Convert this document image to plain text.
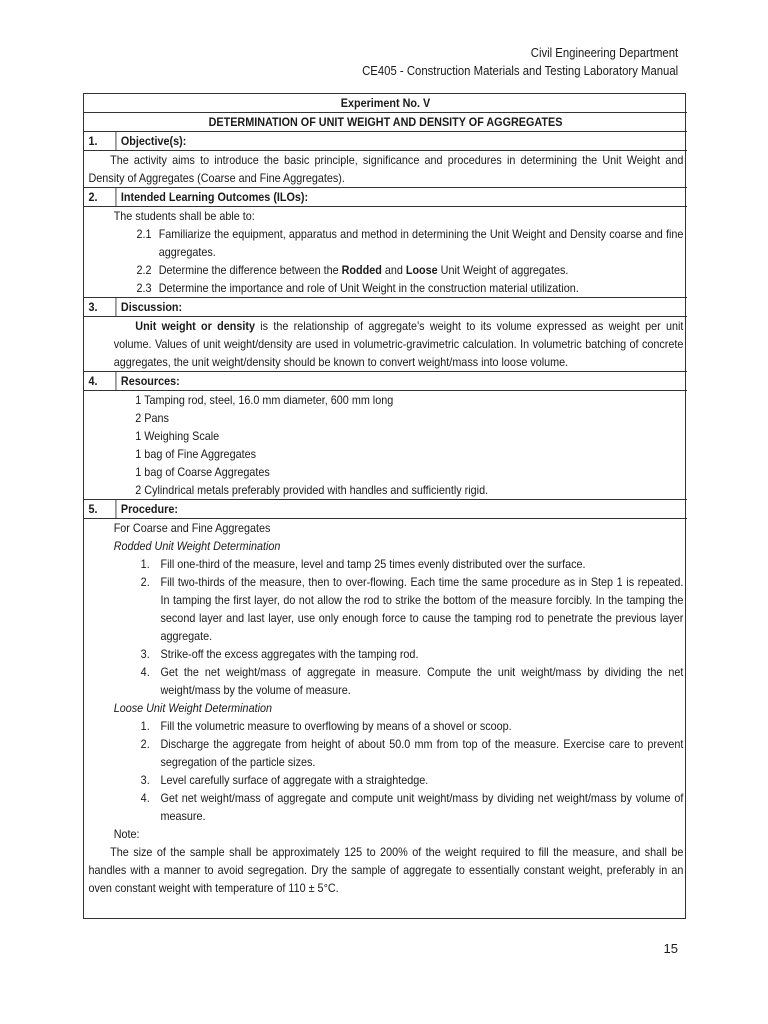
Civil Engineering Department
CE405 - Construction Materials and Testing Laboratory Manual
Experiment No. V
DETERMINATION OF UNIT WEIGHT AND DENSITY OF AGGREGATES
1.	Objective(s):
The activity aims to introduce the basic principle, significance and procedures in determining the Unit Weight and Density of Aggregates (Coarse and Fine Aggregates).
2.	Intended Learning Outcomes (ILOs):
The students shall be able to:
2.1 Familiarize the equipment, apparatus and method in determining the Unit Weight and Density coarse and fine aggregates.
2.2 Determine the difference between the Rodded and Loose Unit Weight of aggregates.
2.3 Determine the importance and role of Unit Weight in the construction material utilization.
3.	Discussion:
Unit weight or density is the relationship of aggregate's weight to its volume expressed as weight per unit volume. Values of unit weight/density are used in volumetric-gravimetric calculation. In volumetric batching of concrete aggregates, the unit weight/density should be known to convert weight/mass into loose volume.
4.	Resources:
1 Tamping rod, steel, 16.0 mm diameter, 600 mm long
2 Pans
1 Weighing Scale
1 bag of Fine Aggregates
1 bag of Coarse Aggregates
2 Cylindrical metals preferably provided with handles and sufficiently rigid.
5.	Procedure:
For Coarse and Fine Aggregates
Rodded Unit Weight Determination
1. Fill one-third of the measure, level and tamp 25 times evenly distributed over the surface.
2. Fill two-thirds of the measure, then to over-flowing. Each time the same procedure as in Step 1 is repeated. In tamping the first layer, do not allow the rod to strike the bottom of the measure forcibly. In the tamping the second layer and last layer, use only enough force to cause the tamping rod to penetrate the previous layer aggregate.
3. Strike-off the excess aggregates with the tamping rod.
4. Get the net weight/mass of aggregate in measure. Compute the unit weight/mass by dividing the net weight/mass by the volume of measure.
Loose Unit Weight Determination
1. Fill the volumetric measure to overflowing by means of a shovel or scoop.
2. Discharge the aggregate from height of about 50.0 mm from top of the measure. Exercise care to prevent segregation of the particle sizes.
3. Level carefully surface of aggregate with a straightedge.
4. Get net weight/mass of aggregate and compute unit weight/mass by dividing net weight/mass by volume of measure.
Note:
The size of the sample shall be approximately 125 to 200% of the weight required to fill the measure, and shall be handles with a manner to avoid segregation. Dry the sample of aggregate to essentially constant weight, preferably in an oven constant weight with temperature of 110 ± 5°C.
15
